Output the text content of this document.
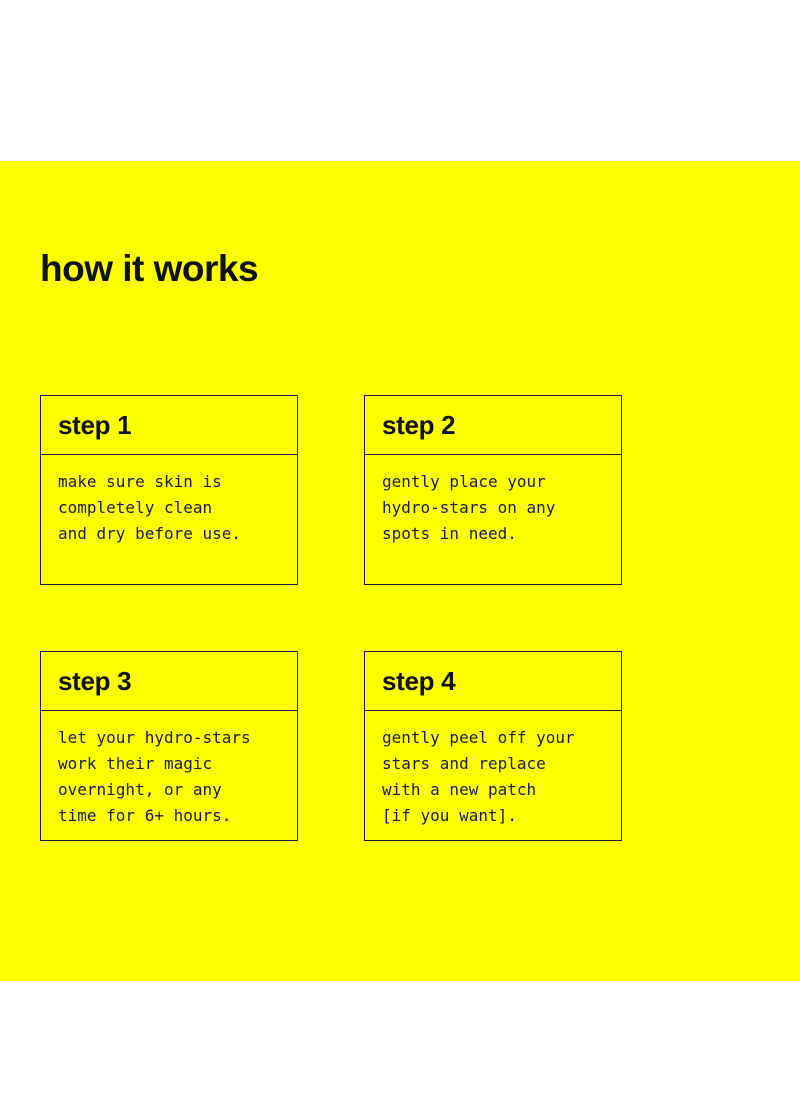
how it works
step 1
make sure skin is
completely clean
and dry before use.
step 2
gently place your
hydro-stars on any
spots in need.
step 3
let your hydro-stars
work their magic
overnight, or any
time for 6+ hours.
step 4
gently peel off your
stars and replace
with a new patch
[if you want].
